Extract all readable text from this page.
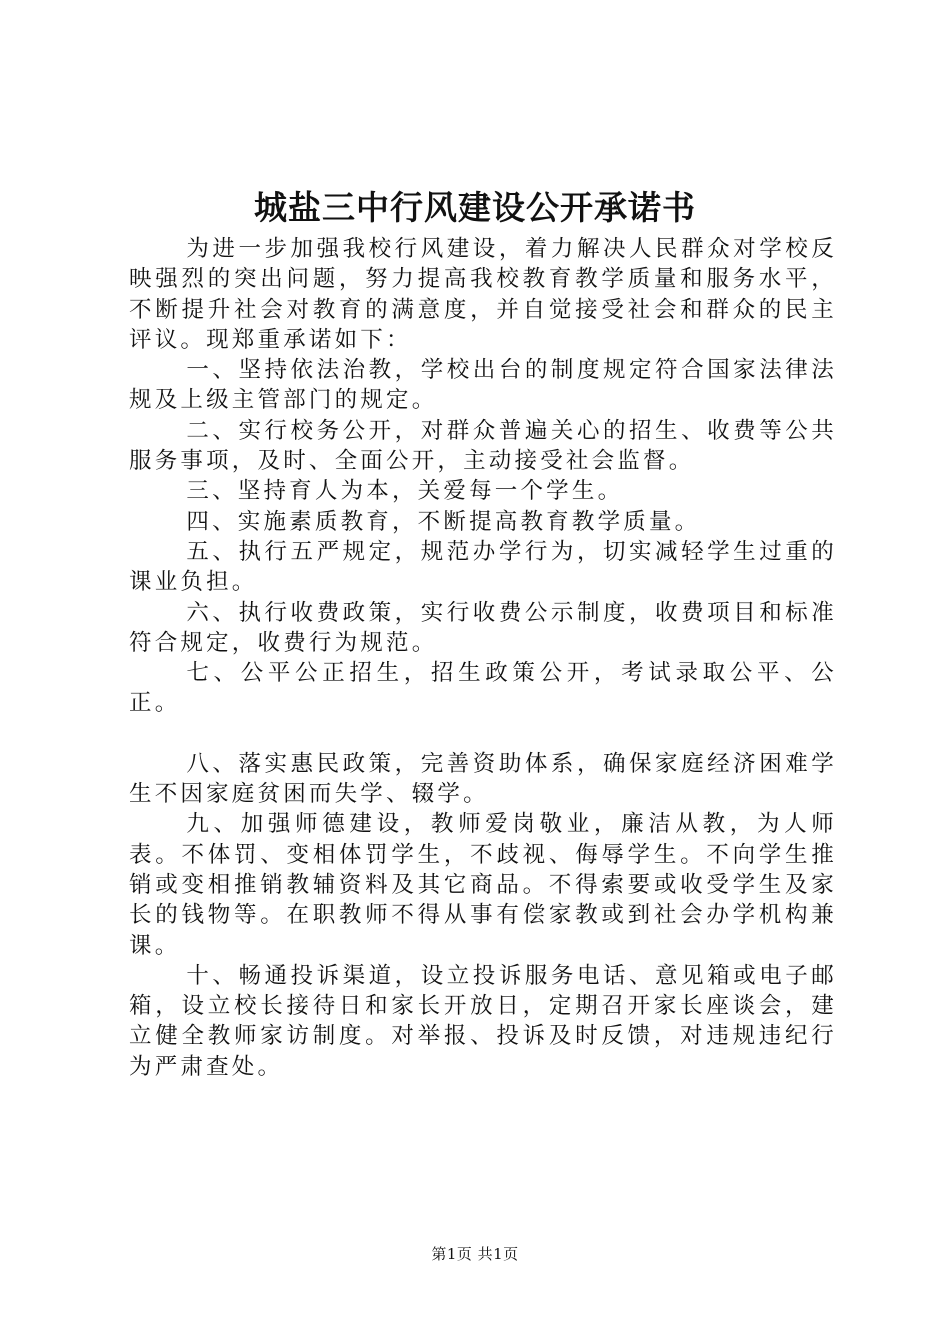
城盐三中行风建设公开承诺书

为进一步加强我校行风建设，着力解决人民群众对学校反映强烈的突出问题，努力提高我校教育教学质量和服务水平，不断提升社会对教育的满意度，并自觉接受社会和群众的民主评议。现郑重承诺如下：

一、坚持依法治教，学校出台的制度规定符合国家法律法规及上级主管部门的规定。

二、实行校务公开，对群众普遍关心的招生、收费等公共服务事项，及时、全面公开，主动接受社会监督。

三、坚持育人为本，关爱每一个学生。

四、实施素质教育，不断提高教育教学质量。

五、执行五严规定，规范办学行为，切实减轻学生过重的课业负担。

六、执行收费政策，实行收费公示制度，收费项目和标准符合规定，收费行为规范。

七、公平公正招生，招生政策公开，考试录取公平、公正。

八、落实惠民政策，完善资助体系，确保家庭经济困难学生不因家庭贫困而失学、辍学。

九、加强师德建设，教师爱岗敬业，廉洁从教，为人师表。不体罚、变相体罚学生，不歧视、侮辱学生。不向学生推销或变相推销教辅资料及其它商品。不得索要或收受学生及家长的钱物等。在职教师不得从事有偿家教或到社会办学机构兼课。

十、畅通投诉渠道，设立投诉服务电话、意见箱或电子邮箱，设立校长接待日和家长开放日，定期召开家长座谈会，建立健全教师家访制度。对举报、投诉及时反馈，对违规违纪行为严肃查处。

第1页 共1页
